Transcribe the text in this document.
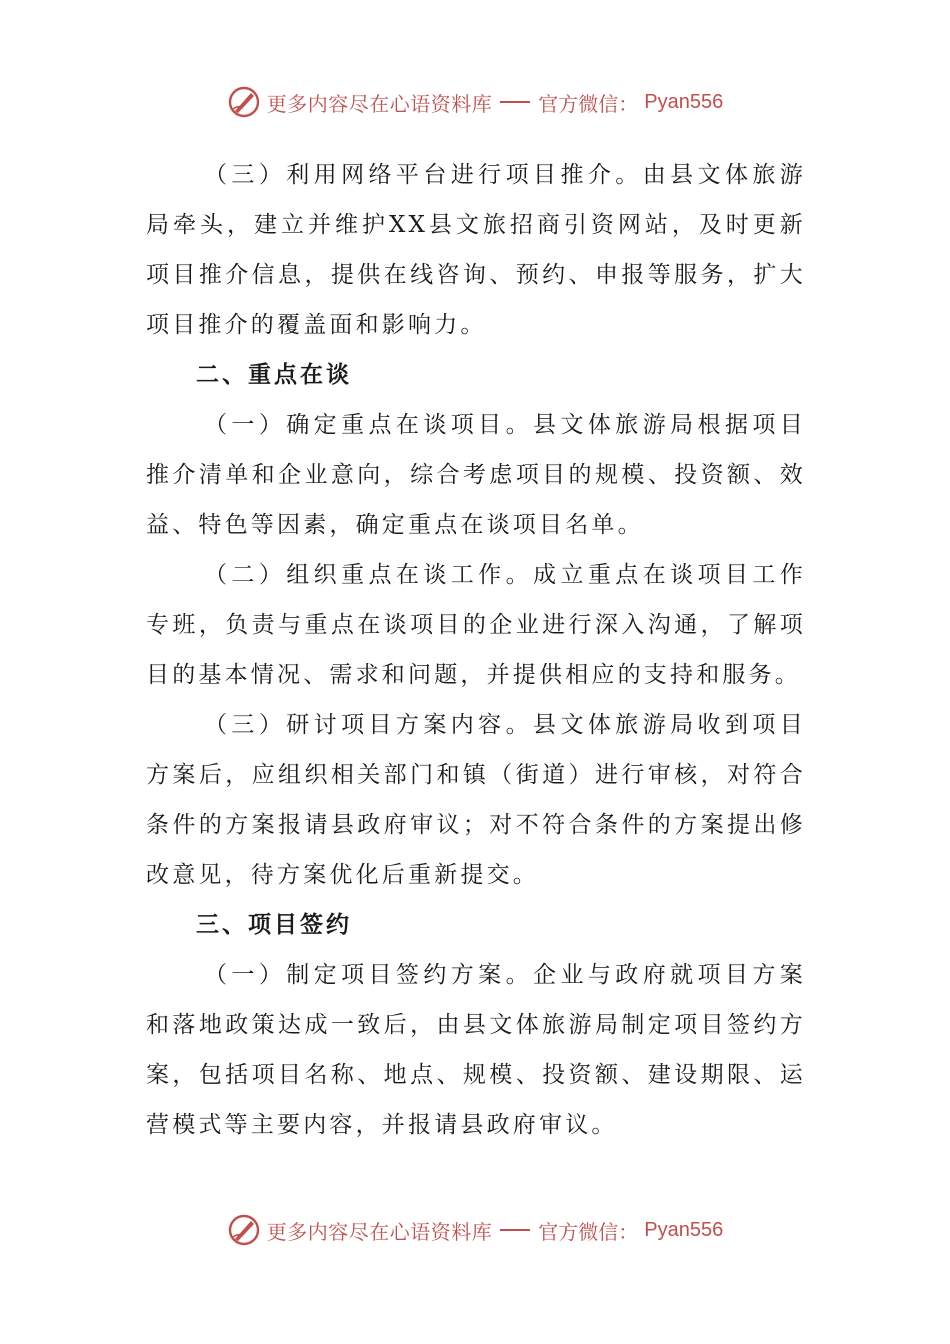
更多内容尽在心语资料库 官方微信： Pyan556

（三）利用网络平台进行项目推介。由县文体旅游局牵头，建立并维护XX县文旅招商引资网站，及时更新项目推介信息，提供在线咨询、预约、申报等服务，扩大项目推介的覆盖面和影响力。

二、重点在谈

（一）确定重点在谈项目。县文体旅游局根据项目推介清单和企业意向，综合考虑项目的规模、投资额、效益、特色等因素，确定重点在谈项目名单。

（二）组织重点在谈工作。成立重点在谈项目工作专班，负责与重点在谈项目的企业进行深入沟通，了解项目的基本情况、需求和问题，并提供相应的支持和服务。

（三）研讨项目方案内容。县文体旅游局收到项目方案后，应组织相关部门和镇（街道）进行审核，对符合条件的方案报请县政府审议；对不符合条件的方案提出修改意见，待方案优化后重新提交。

三、项目签约

（一）制定项目签约方案。企业与政府就项目方案和落地政策达成一致后，由县文体旅游局制定项目签约方案，包括项目名称、地点、规模、投资额、建设期限、运营模式等主要内容，并报请县政府审议。

更多内容尽在心语资料库 官方微信： Pyan556
